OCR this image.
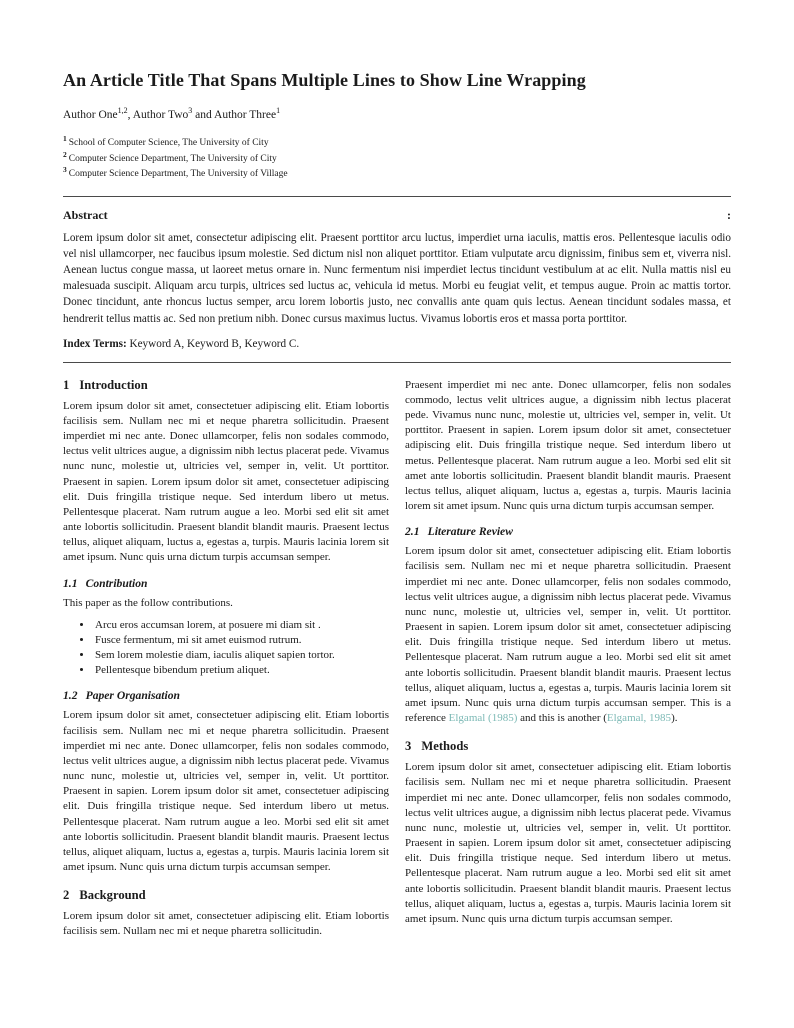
An Article Title That Spans Multiple Lines to Show Line Wrapping
Author One$^{1,2}$, Author Two$^3$ and Author Three$^1$
$^1$ School of Computer Science, The University of City
$^2$ Computer Science Department, The University of City
$^3$ Computer Science Department, The University of Village
Abstract	:

Lorem ipsum dolor sit amet, consectetur adipiscing elit. Praesent porttitor arcu luctus, imperdiet urna iaculis, mattis eros. Pellentesque iaculis odio vel nisl ullamcorper, nec faucibus ipsum molestie. Sed dictum nisl non aliquet porttitor. Etiam vulputate arcu dignissim, finibus sem et, viverra nisl. Aenean luctus congue massa, ut laoreet metus ornare in. Nunc fermentum nisi imperdiet lectus tincidunt vestibulum at ac elit. Nulla mattis nisl eu malesuada suscipit. Aliquam arcu turpis, ultrices sed luctus ac, vehicula id metus. Morbi eu feugiat velit, et tempus augue. Proin ac mattis tortor. Donec tincidunt, ante rhoncus luctus semper, arcu lorem lobortis justo, nec convallis ante quam quis lectus. Aenean tincidunt sodales massa, et hendrerit tellus mattis ac. Sed non pretium nibh. Donec cursus maximus luctus. Vivamus lobortis eros et massa porta porttitor.

Index Terms: Keyword A, Keyword B, Keyword C.

1 Introduction

Lorem ipsum dolor sit amet, consectetuer adipiscing elit. Etiam lobortis facilisis sem. Nullam nec mi et neque pharetra sollicitudin. Praesent imperdiet mi nec ante. Donec ullamcorper, felis non sodales commodo, lectus velit ultrices augue, a dignissim nibh lectus placerat pede. Vivamus nunc nunc, molestie ut, ultricies vel, semper in, velit. Ut porttitor. Praesent in sapien. Lorem ipsum dolor sit amet, consectetuer adipiscing elit. Duis fringilla tristique neque. Sed interdum libero ut metus. Pellentesque placerat. Nam rutrum augue a leo. Morbi sed elit sit amet ante lobortis sollicitudin. Praesent blandit blandit mauris. Praesent lectus tellus, aliquet aliquam, luctus a, egestas a, turpis. Mauris lacinia lorem sit amet ipsum. Nunc quis urna dictum turpis accumsan semper.

1.1 Contribution

This paper as the follow contributions.

• Arcu eros accumsan lorem, at posuere mi diam sit .
• Fusce fermentum, mi sit amet euismod rutrum.
• Sem lorem molestie diam, iaculis aliquet sapien tortor.
• Pellentesque bibendum pretium aliquet.
1.2 Paper Organisation

Lorem ipsum dolor sit amet, consectetuer adipiscing elit. Etiam lobortis facilisis sem. Nullam nec mi et neque pharetra sollicitudin. Praesent imperdiet mi nec ante. Donec ullamcorper, felis non sodales commodo, lectus velit ultrices augue, a dignissim nibh lectus placerat pede. Vivamus nunc nunc, molestie ut, ultricies vel, semper in, velit. Ut porttitor. Praesent in sapien. Lorem ipsum dolor sit amet, consectetuer adipiscing elit. Duis fringilla tristique neque. Sed interdum libero ut metus. Pellentesque placerat. Nam rutrum augue a leo. Morbi sed elit sit amet ante lobortis sollicitudin. Praesent blandit blandit mauris. Praesent lectus tellus, aliquet aliquam, luctus a, egestas a, turpis. Mauris lacinia lorem sit amet ipsum. Nunc quis urna dictum turpis accumsan semper.

2 Background

Lorem ipsum dolor sit amet, consectetuer adipiscing elit. Etiam lobortis facilisis sem. Nullam nec mi et neque pharetra sollicitudin.

Praesent imperdiet mi nec ante. Donec ullamcorper, felis non sodales commodo, lectus velit ultrices augue, a dignissim nibh lectus placerat pede. Vivamus nunc nunc, molestie ut, ultricies vel, semper in, velit. Ut porttitor. Praesent in sapien. Lorem ipsum dolor sit amet, consectetuer adipiscing elit. Duis fringilla tristique neque. Sed interdum libero ut metus. Pellentesque placerat. Nam rutrum augue a leo. Morbi sed elit sit amet ante lobortis sollicitudin. Praesent blandit blandit mauris. Praesent lectus tellus, aliquet aliquam, luctus a, egestas a, turpis. Mauris lacinia lorem sit amet ipsum. Nunc quis urna dictum turpis accumsan semper.

2.1 Literature Review

Lorem ipsum dolor sit amet, consectetuer adipiscing elit. Etiam lobortis facilisis sem. Nullam nec mi et neque pharetra sollicitudin. Praesent imperdiet mi nec ante. Donec ullamcorper, felis non sodales commodo, lectus velit ultrices augue, a dignissim nibh lectus placerat pede. Vivamus nunc nunc, molestie ut, ultricies vel, semper in, velit. Ut porttitor. Praesent in sapien. Lorem ipsum dolor sit amet, consectetuer adipiscing elit. Duis fringilla tristique neque. Sed interdum libero ut metus. Pellentesque placerat. Nam rutrum augue a leo. Morbi sed elit sit amet ante lobortis sollicitudin. Praesent blandit blandit mauris. Praesent lectus tellus, aliquet aliquam, luctus a, egestas a, turpis. Mauris lacinia lorem sit amet ipsum. Nunc quis urna dictum turpis accumsan semper. This is a reference Elgamal (1985) and this is another (Elgamal, 1985).

3 Methods

Lorem ipsum dolor sit amet, consectetuer adipiscing elit. Etiam lobortis facilisis sem. Nullam nec mi et neque pharetra sollicitudin. Praesent imperdiet mi nec ante. Donec ullamcorper, felis non sodales commodo, lectus velit ultrices augue, a dignissim nibh lectus placerat pede. Vivamus nunc nunc, molestie ut, ultricies vel, semper in, velit. Ut porttitor. Praesent in sapien. Lorem ipsum dolor sit amet, consectetuer adipiscing elit. Duis fringilla tristique neque. Sed interdum libero ut metus. Pellentesque placerat. Nam rutrum augue a leo. Morbi sed elit sit amet ante lobortis sollicitudin. Praesent blandit blandit mauris. Praesent lectus tellus, aliquet aliquam, luctus a, egestas a, turpis. Mauris lacinia lorem sit amet ipsum. Nunc quis urna dictum turpis accumsan semper.
